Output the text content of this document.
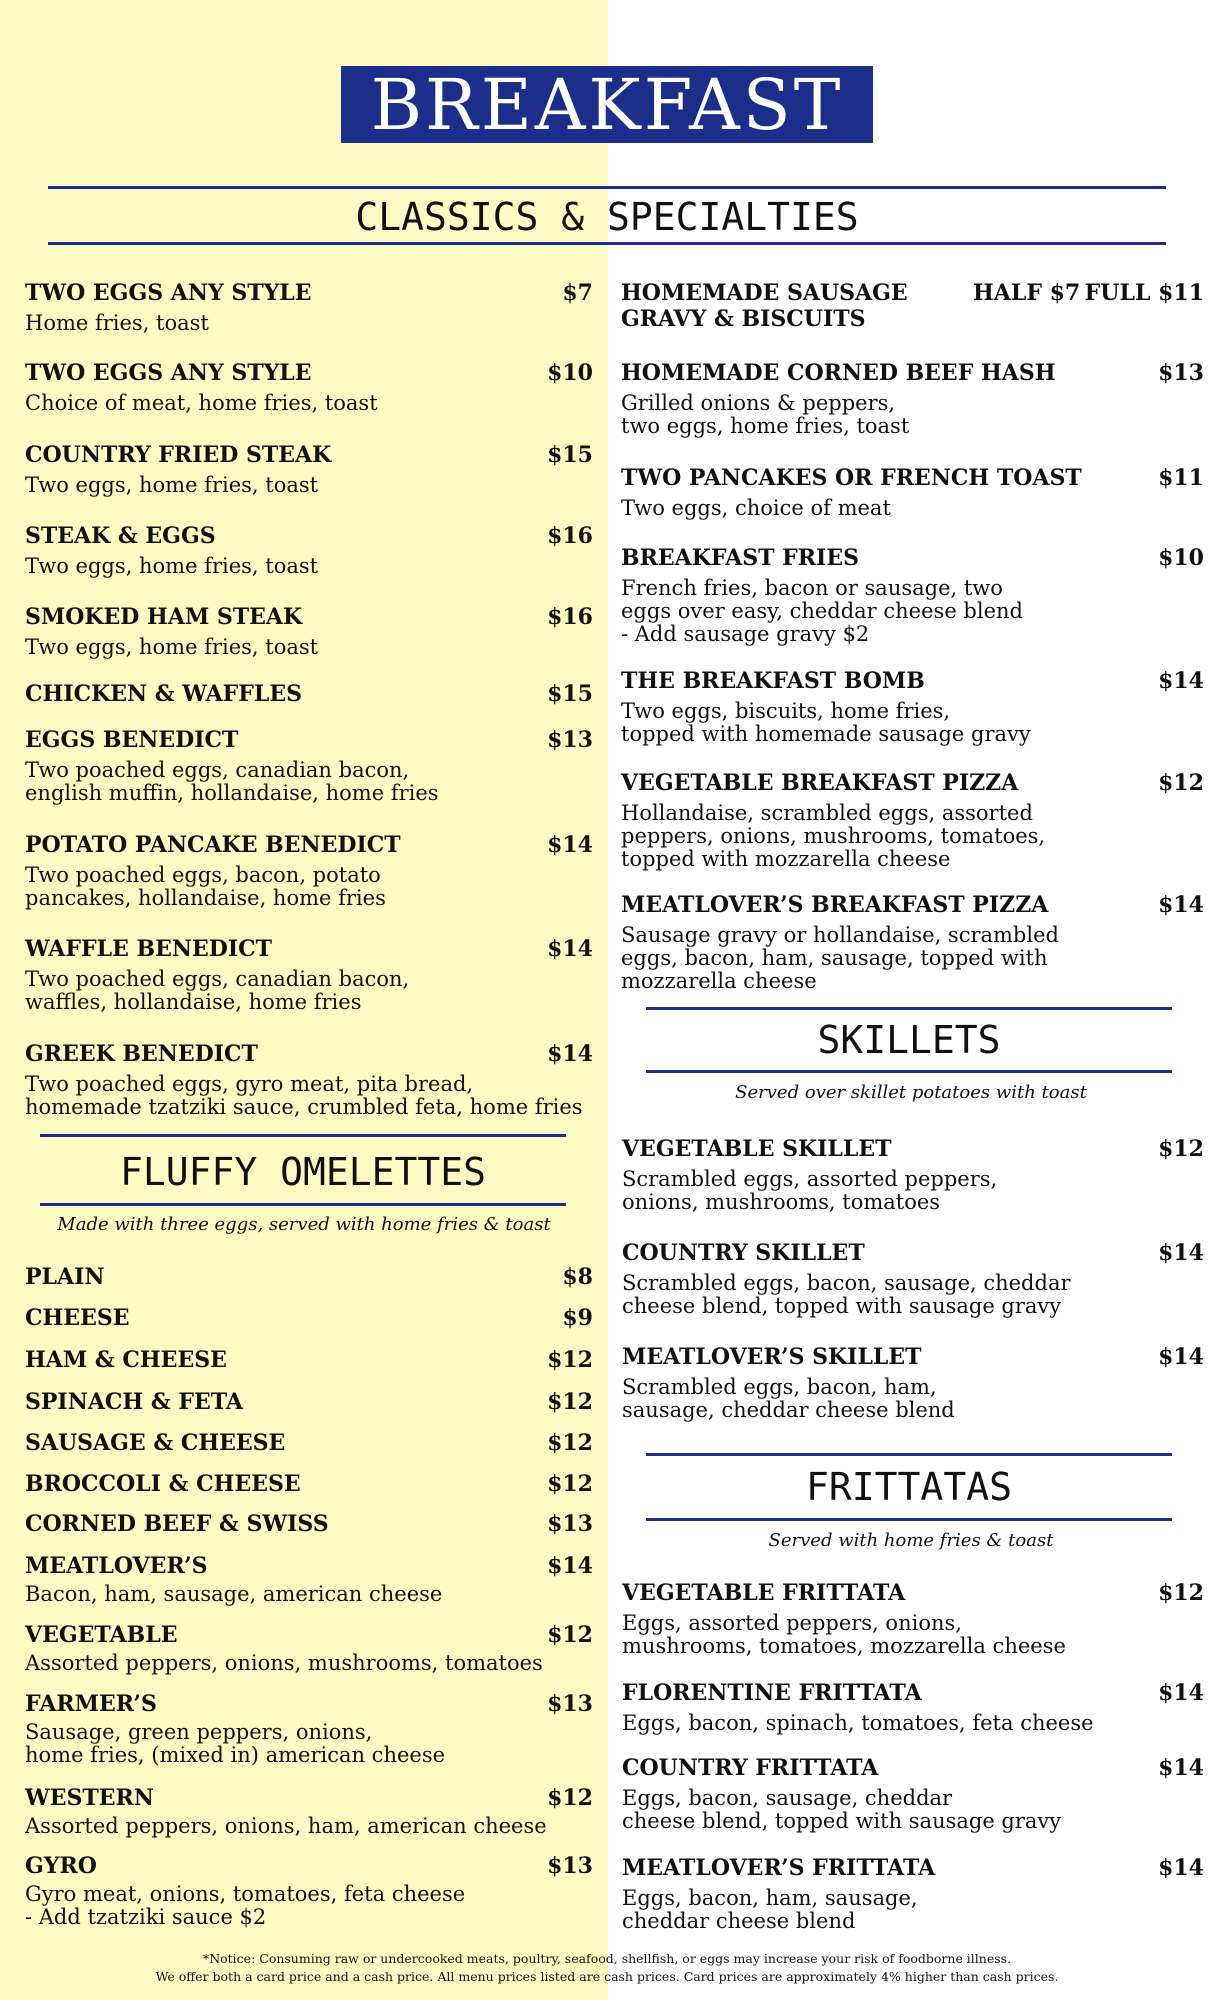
BREAKFAST
CLASSICS & SPECIALTIES
TWO EGGS ANY STYLE	$7
Home fries, toast
TWO EGGS ANY STYLE	$10
Choice of meat, home fries, toast
COUNTRY FRIED STEAK	$15
Two eggs, home fries, toast
STEAK & EGGS	$16
Two eggs, home fries, toast
SMOKED HAM STEAK	$16
Two eggs, home fries, toast
CHICKEN & WAFFLES	$15
EGGS BENEDICT	$13
Two poached eggs, canadian bacon,
english muffin, hollandaise, home fries
POTATO PANCAKE BENEDICT	$14
Two poached eggs, bacon, potato
pancakes, hollandaise, home fries
WAFFLE BENEDICT	$14
Two poached eggs, canadian bacon,
waffles, hollandaise, home fries
GREEK BENEDICT	$14
Two poached eggs, gyro meat, pita bread,
homemade tzatziki sauce, crumbled feta, home fries
HOMEMADE SAUSAGE
GRAVY & BISCUITS
HALF $7 FULL $11
HOMEMADE CORNED BEEF HASH	$13
Grilled onions & peppers,
two eggs, home fries, toast
TWO PANCAKES OR FRENCH TOAST	$11
Two eggs, choice of meat
BREAKFAST FRIES	$10
French fries, bacon or sausage, two
eggs over easy, cheddar cheese blend
- Add sausage gravy $2
THE BREAKFAST BOMB	$14
Two eggs, biscuits, home fries,
topped with homemade sausage gravy
VEGETABLE BREAKFAST PIZZA	$12
Hollandaise, scrambled eggs, assorted
peppers, onions, mushrooms, tomatoes,
topped with mozzarella cheese
MEATLOVER’S BREAKFAST PIZZA	$14
Sausage gravy or hollandaise, scrambled
eggs, bacon, ham, sausage, topped with
mozzarella cheese
FLUFFY OMELETTES
Made with three eggs, served with home fries & toast
PLAIN	$8
CHEESE	$9
HAM & CHEESE	$12
SPINACH & FETA	$12
SAUSAGE & CHEESE	$12
BROCCOLI & CHEESE	$12
CORNED BEEF & SWISS	$13
MEATLOVER’S	$14
Bacon, ham, sausage, american cheese
VEGETABLE	$12
Assorted peppers, onions, mushrooms, tomatoes
FARMER’S	$13
Sausage, green peppers, onions,
home fries, (mixed in) american cheese
WESTERN	$12
Assorted peppers, onions, ham, american cheese
GYRO	$13
Gyro meat, onions, tomatoes, feta cheese
- Add tzatziki sauce $2
SKILLETS
Served over skillet potatoes with toast
VEGETABLE SKILLET	$12
Scrambled eggs, assorted peppers,
onions, mushrooms, tomatoes
COUNTRY SKILLET	$14
Scrambled eggs, bacon, sausage, cheddar
cheese blend, topped with sausage gravy
MEATLOVER’S SKILLET	$14
Scrambled eggs, bacon, ham,
sausage, cheddar cheese blend
FRITTATAS
Served with home fries & toast
VEGETABLE FRITTATA	$12
Eggs, assorted peppers, onions,
mushrooms, tomatoes, mozzarella cheese
FLORENTINE FRITTATA	$14
Eggs, bacon, spinach, tomatoes, feta cheese
COUNTRY FRITTATA	$14
Eggs, bacon, sausage, cheddar
cheese blend, topped with sausage gravy
MEATLOVER’S FRITTATA	$14
Eggs, bacon, ham, sausage,
cheddar cheese blend
*Notice: Consuming raw or undercooked meats, poultry, seafood, shellfish, or eggs may increase your risk of foodborne illness.
We offer both a card price and a cash price. All menu prices listed are cash prices. Card prices are approximately 4% higher than cash prices.
